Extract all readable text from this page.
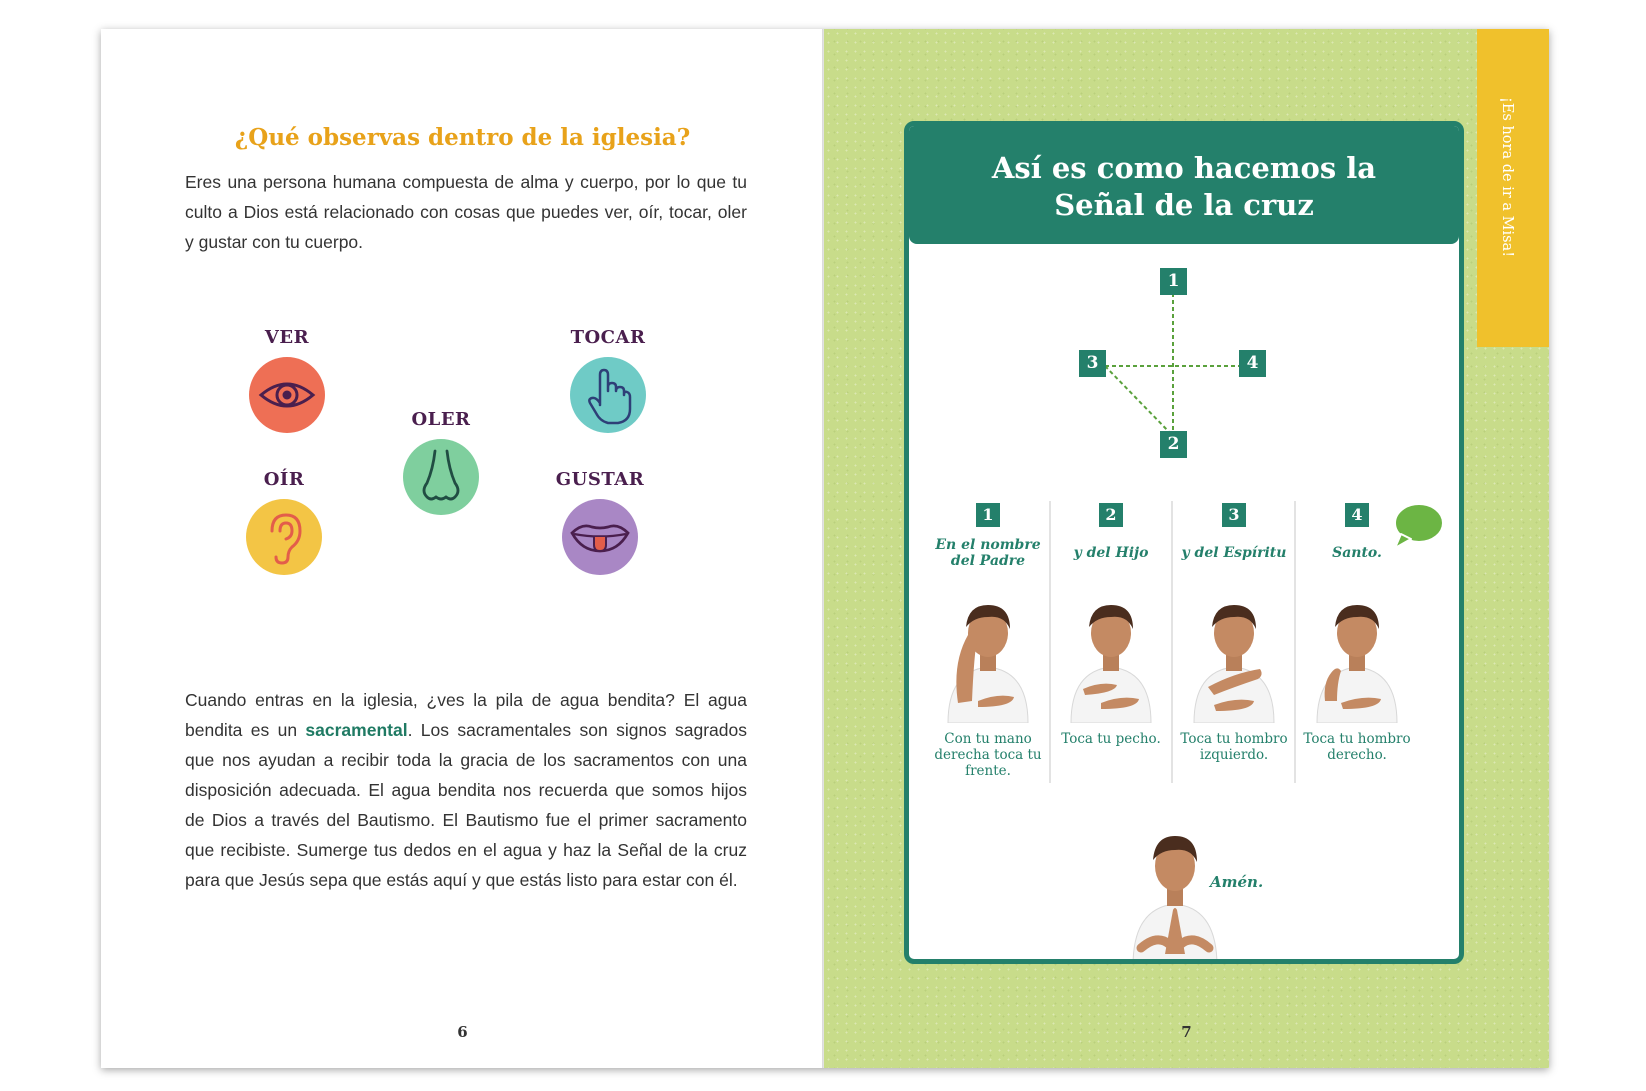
¿Qué observas dentro de la iglesia?
Eres una persona humana compuesta de alma y cuerpo, por lo que tu culto a Dios está relacionado con cosas que puedes ver, oír, tocar, oler y gustar con tu cuerpo.
VER	TOCAR
OLER
OÍR	GUSTAR
Cuando entras en la iglesia, ¿ves la pila de agua bendita? El agua bendita es un sacramental. Los sacramentales son signos sagrados que nos ayudan a recibir toda la gracia de los sacramentos con una disposición adecuada. El agua bendita nos recuerda que somos hijos de Dios a través del Bautismo. El Bautismo fue el primer sacramento que recibiste. Sumerge tus dedos en el agua y haz la Señal de la cruz para que Jesús sepa que estás aquí y que estás listo para estar con él.
6
¡Es hora de ir a Misa!
Así es como hacemos la
Señal de la cruz
1
2
3	4
1
En el nombre del Padre
Con tu mano derecha toca tu frente.
2
y del Hijo
Toca tu pecho.
3
y del Espíritu
Toca tu hombro izquierdo.
4
Santo.
Toca tu hombro derecho.
Amén.
7
